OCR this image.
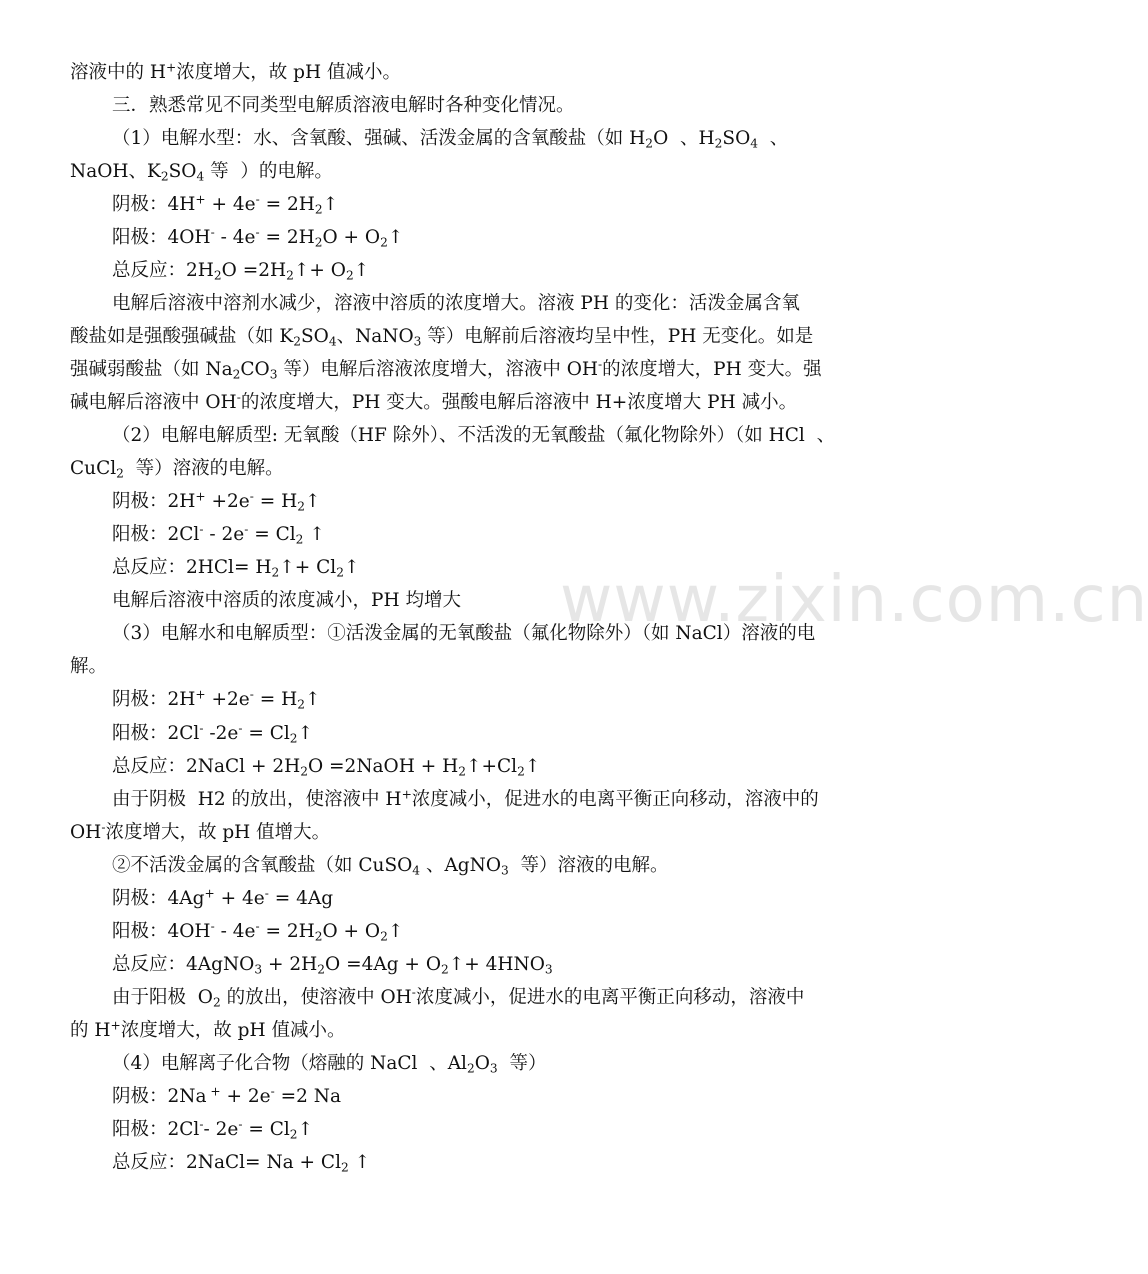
www.zixin.com.cn
溶液中的 H+浓度增大，故 pH 值减小。
三．熟悉常见不同类型电解质溶液电解时各种变化情况。
（1）电解水型：水、含氧酸、强碱、活泼金属的含氧酸盐（如 $H_2O$  、$H_2SO_4$  、
NaOH、$K_2SO_4$ 等  ）的电解。
阴极：$4H^+ + 4e^- = 2H_2↑$
阳极：$4OH^- - 4e^- = 2H_2O$ + $O_2↑$
总反应：$2H_2O$ $=2H_2↑+$ $O_2↑$
电解后溶液中溶剂水减少，溶液中溶质的浓度增大。溶液 PH 的变化：活泼金属含氧
酸盐如是强酸强碱盐（如 $K_2SO_4$、NaNO$_3$ 等）电解前后溶液均呈中性，PH 无变化。如是
强碱弱酸盐（如 $Na_2CO_3$ 等）电解后溶液浓度增大，溶液中 OH-的浓度增大，PH 变大。强
碱电解后溶液中 OH-的浓度增大，PH 变大。强酸电解后溶液中 H+浓度增大 PH 减小。
（2）电解电解质型: 无氧酸（HF 除外）、不活泼的无氧酸盐（氟化物除外）（如 HCl  、
CuCl$_2$  等）溶液的电解。
阴极：$2H^+ +2e^- = H_2↑$
阳极：$2Cl^- - 2e^- = Cl_2$ ↑
总反应：$2HCl= H_2↑+$ $Cl_2↑$
电解后溶液中溶质的浓度减小，PH 均增大
（3）电解水和电解质型：①活泼金属的无氧酸盐（氟化物除外）（如 NaCl）溶液的电
解。
阴极：$2H^+ +2e^- = H_2↑$
阳极：2Cl- $-2e^- = Cl_2↑$
总反应：2NaCl + $2H_2O$ =2NaOH + $H_2↑+Cl_2↑$
由于阴极  H2 的放出，使溶液中 H+浓度减小，促进水的电离平衡正向移动，溶液中的
OH-浓度增大，故 pH 值增大。
②不活泼金属的含氧酸盐（如 CuSO$_4$ 、AgNO$_3$  等）溶液的电解。
阴极：4Ag+ + 4e- = 4Ag
阳极：$4OH^- - 4e^- = 2H_2O$ + $O_2↑$
总反应：4AgNO$_3$ + $2H_2O =4Ag$ + $O_2↑+ 4HNO_3$
由于阳极  $O_2$ 的放出，使溶液中 OH-浓度减小，促进水的电离平衡正向移动，溶液中
的 H+浓度增大，故 pH 值减小。
（4）电解离子化合物（熔融的 NaCl  、$Al_2O_3$  等）
阴极：2Na + + 2e- =2 Na
阳极：2Cl-- $2e^- = Cl_2↑$
总反应：2NaCl= $Na + Cl_2$ ↑
